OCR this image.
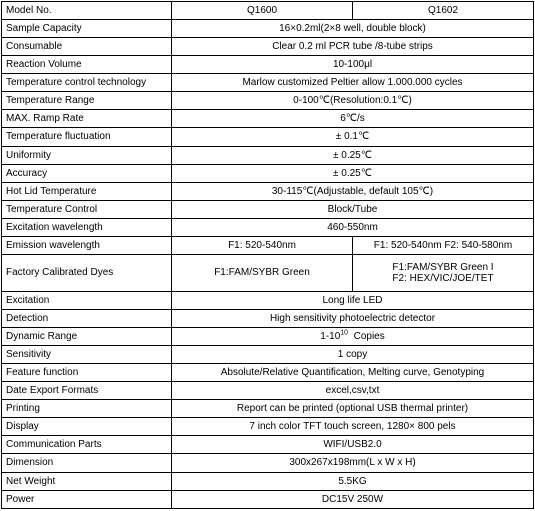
Model No.	Q1600	Q1602
Sample Capacity	16×0.2ml(2×8 well, double block)	
Consumable	Clear 0.2 ml PCR tube /8-tube strips	
Reaction Volume	10-100μl	
Temperature control technology	Marlow customized Peltier allow 1.000.000 cycles	
Temperature Range	0-100℃(Resolution:0.1℃)	
MAX. Ramp Rate	6℃/s	
Temperature fluctuation	± 0.1℃	
Uniformity	± 0.25℃	
Accuracy	± 0.25℃	
Hot Lid Temperature	30-115℃(Adjustable, default 105℃)	
Temperature Control	Block/Tube	
Excitation wavelength	460-550nm	
Emission wavelength	F1: 520-540nm	F1: 520-540nm F2: 540-580nm
Factory Calibrated Dyes	F1:FAM/SYBR Green	F1:FAM/SYBR Green I
F2: HEX/VIC/JOE/TET

Excitation	Long life LED	
Detection	High sensitivity photoelectric detector	
Dynamic Range	$1-10^{10}$  Copies	
Sensitivity	1 copy	
Feature function	Absolute/Relative Quantification, Melting curve, Genotyping	
Date Export Formats	excel,csv,txt	
Printing	Report can be printed (optional USB thermal printer)	
Display	7 inch color TFT touch screen, 1280× 800 pels	
Communication Parts	WIFI/USB2.0	
Dimension	300x267x198mm(L x W x H)	
Net Weight	5.5KG	
Power	DC15V 250W	
